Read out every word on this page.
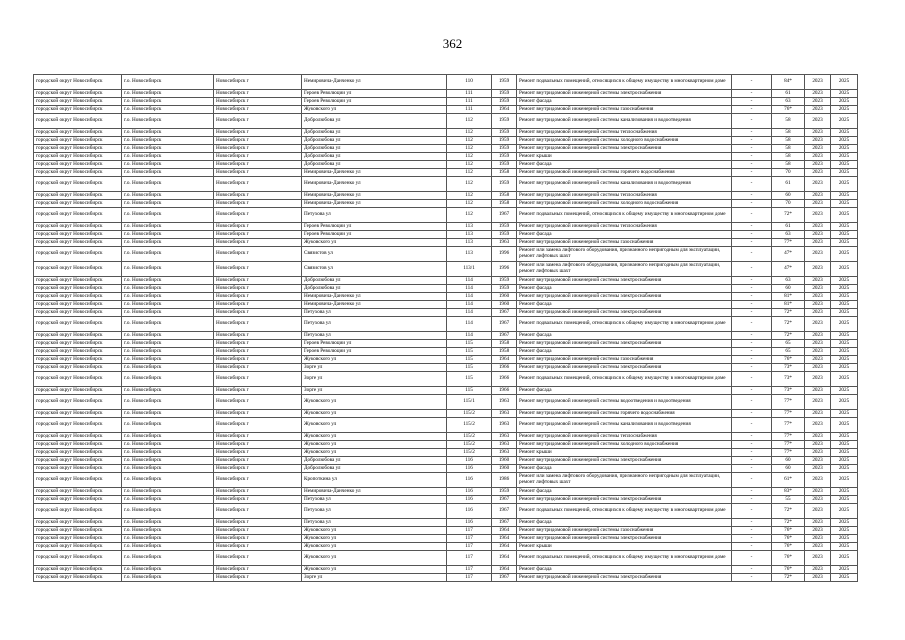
362
городской округ Новосибирск	г.о. Новосибирск	Новосибирск г	Немировича-Данченко ул	110	1959	Ремонт подвальных помещений, относящихся к общему имуществу в многоквартирном доме	-	84*	2023	2025
городской округ Новосибирск	г.о. Новосибирск	Новосибирск г	Героев Революции ул	111	1959	Ремонт внутридомовой инженерной системы электроснабжения	-	61	2023	2025
городской округ Новосибирск	г.о. Новосибирск	Новосибирск г	Героев Революции ул	111	1959	Ремонт фасада	-	63	2023	2025
городской округ Новосибирск	г.о. Новосибирск	Новосибирск г	Жуковского ул	111	1964	Ремонт внутридомовой инженерной системы газоснабжения	-	76*	2023	2025
городской округ Новосибирск	г.о. Новосибирск	Новосибирск г	Добролюбова ул	112	1959	Ремонт внутридомовой инженерной системы канализования и водоотведения	-	58	2023	2025
городской округ Новосибирск	г.о. Новосибирск	Новосибирск г	Добролюбова ул	112	1959	Ремонт внутридомовой инженерной системы теплоснабжения	-	58	2023	2025
городской округ Новосибирск	г.о. Новосибирск	Новосибирск г	Добролюбова ул	112	1959	Ремонт внутридомовой инженерной системы холодного водоснабжения	-	58	2023	2025
городской округ Новосибирск	г.о. Новосибирск	Новосибирск г	Добролюбова ул	112	1959	Ремонт внутридомовой инженерной системы электроснабжения	-	58	2023	2025
городской округ Новосибирск	г.о. Новосибирск	Новосибирск г	Добролюбова ул	112	1959	Ремонт крыши	-	58	2023	2025
городской округ Новосибирск	г.о. Новосибирск	Новосибирск г	Добролюбова ул	112	1959	Ремонт фасада	-	58	2023	2025
городской округ Новосибирск	г.о. Новосибирск	Новосибирск г	Немировича-Данченко ул	112	1958	Ремонт внутридомовой инженерной системы горячего водоснабжения	-	70	2023	2025
городской округ Новосибирск	г.о. Новосибирск	Новосибирск г	Немировича-Данченко ул	112	1959	Ремонт внутридомовой инженерной системы канализования и водоотведения	-	61	2023	2025
городской округ Новосибирск	г.о. Новосибирск	Новосибирск г	Немировича-Данченко ул	112	1958	Ремонт внутридомовой инженерной системы теплоснабжения	-	60	2023	2025
городской округ Новосибирск	г.о. Новосибирск	Новосибирск г	Немировича-Данченко ул	112	1958	Ремонт внутридомовой инженерной системы холодного водоснабжения	-	70	2023	2025
городской округ Новосибирск	г.о. Новосибирск	Новосибирск г	Петухова ул	112	1967	Ремонт подвальных помещений, относящихся к общему имуществу в многоквартирном доме	-	72*	2023	2025
городской округ Новосибирск	г.о. Новосибирск	Новосибирск г	Героев Революции ул	113	1959	Ремонт внутридомовой инженерной системы теплоснабжения	-	61	2023	2025
городской округ Новосибирск	г.о. Новосибирск	Новосибирск г	Героев Революции ул	113	1959	Ремонт фасада	-	63	2023	2025
городской округ Новосибирск	г.о. Новосибирск	Новосибирск г	Жуковского ул	113	1963	Ремонт внутридомовой инженерной системы газоснабжения	-	77*	2023	2025
городской округ Новосибирск	г.о. Новосибирск	Новосибирск г	Связистов ул	113	1996	Ремонт или замена лифтового оборудования, признанного непригодным для эксплуатации, ремонт лифтовых шахт	-	47*	2023	2025
городской округ Новосибирск	г.о. Новосибирск	Новосибирск г	Связистов ул	113/1	1996	Ремонт или замена лифтового оборудования, признанного непригодным для эксплуатации, ремонт лифтовых шахт	-	47*	2023	2025
городской округ Новосибирск	г.о. Новосибирск	Новосибирск г	Добролюбова ул	114	1959	Ремонт внутридомовой инженерной системы электроснабжения	-	63	2023	2025
городской округ Новосибирск	г.о. Новосибирск	Новосибирск г	Добролюбова ул	114	1959	Ремонт фасада	-	60	2023	2025
городской округ Новосибирск	г.о. Новосибирск	Новосибирск г	Немировича-Данченко ул	114	1960	Ремонт внутридомовой инженерной системы электроснабжения	-	81*	2023	2025
городской округ Новосибирск	г.о. Новосибирск	Новосибирск г	Немировича-Данченко ул	114	1960	Ремонт фасада	-	81*	2023	2025
городской округ Новосибирск	г.о. Новосибирск	Новосибирск г	Петухова ул	114	1967	Ремонт внутридомовой инженерной системы электроснабжения	-	72*	2023	2025
городской округ Новосибирск	г.о. Новосибирск	Новосибирск г	Петухова ул	114	1967	Ремонт подвальных помещений, относящихся к общему имуществу в многоквартирном доме	-	72*	2023	2025
городской округ Новосибирск	г.о. Новосибирск	Новосибирск г	Петухова ул	114	1967	Ремонт фасада	-	72*	2023	2025
городской округ Новосибирск	г.о. Новосибирск	Новосибирск г	Героев Революции ул	115	1958	Ремонт внутридомовой инженерной системы электроснабжения	-	65	2023	2025
городской округ Новосибирск	г.о. Новосибирск	Новосибирск г	Героев Революции ул	115	1958	Ремонт фасада	-	65	2023	2025
городской округ Новосибирск	г.о. Новосибирск	Новосибирск г	Жуковского ул	115	1964	Ремонт внутридомовой инженерной системы газоснабжения	-	76*	2023	2025
городской округ Новосибирск	г.о. Новосибирск	Новосибирск г	Зорге ул	115	1966	Ремонт внутридомовой инженерной системы электроснабжения	-	73*	2023	2025
городской округ Новосибирск	г.о. Новосибирск	Новосибирск г	Зорге ул	115	1966	Ремонт подвальных помещений, относящихся к общему имуществу в многоквартирном доме	-	73*	2023	2025
городской округ Новосибирск	г.о. Новосибирск	Новосибирск г	Зорге ул	115	1966	Ремонт фасада	-	73*	2023	2025
городской округ Новосибирск	г.о. Новосибирск	Новосибирск г	Жуковского ул	115/1	1963	Ремонт внутридомовой инженерной системы водоотведения и водоотведения	-	77*	2023	2025
городской округ Новосибирск	г.о. Новосибирск	Новосибирск г	Жуковского ул	115/2	1963	Ремонт внутридомовой инженерной системы горячего водоснабжения	-	77*	2023	2025
городской округ Новосибирск	г.о. Новосибирск	Новосибирск г	Жуковского ул	115/2	1963	Ремонт внутридомовой инженерной системы канализования и водоотведения	-	77*	2023	2025
городской округ Новосибирск	г.о. Новосибирск	Новосибирск г	Жуковского ул	115/2	1963	Ремонт внутридомовой инженерной системы теплоснабжения	-	77*	2023	2025
городской округ Новосибирск	г.о. Новосибирск	Новосибирск г	Жуковского ул	115/2	1963	Ремонт внутридомовой инженерной системы холодного водоснабжения	-	77*	2023	2025
городской округ Новосибирск	г.о. Новосибирск	Новосибирск г	Жуковского ул	115/2	1963	Ремонт крыши	-	77*	2023	2025
городской округ Новосибирск	г.о. Новосибирск	Новосибирск г	Добролюбова ул	116	1960	Ремонт внутридомовой инженерной системы электроснабжения	-	60	2023	2025
городской округ Новосибирск	г.о. Новосибирск	Новосибирск г	Добролюбова ул	116	1960	Ремонт фасада	-	60	2023	2025
городской округ Новосибирск	г.о. Новосибирск	Новосибирск г	Кропоткина ул	116	1986	Ремонт или замена лифтового оборудования, признанного непригодным для эксплуатации, ремонт лифтовых шахт	-	61*	2023	2025
городской округ Новосибирск	г.о. Новосибирск	Новосибирск г	Немировича-Данченко ул	116	1959	Ремонт фасада	-	83*	2023	2025
городской округ Новосибирск	г.о. Новосибирск	Новосибирск г	Петухова ул	116	1967	Ремонт внутридомовой инженерной системы электроснабжения	-	55	2023	2025
городской округ Новосибирск	г.о. Новосибирск	Новосибирск г	Петухова ул	116	1967	Ремонт подвальных помещений, относящихся к общему имуществу в многоквартирном доме	-	72*	2023	2025
городской округ Новосибирск	г.о. Новосибирск	Новосибирск г	Петухова ул	116	1967	Ремонт фасада	-	72*	2023	2025
городской округ Новосибирск	г.о. Новосибирск	Новосибирск г	Жуковского ул	117	1964	Ремонт внутридомовой инженерной системы газоснабжения	-	76*	2023	2025
городской округ Новосибирск	г.о. Новосибирск	Новосибирск г	Жуковского ул	117	1964	Ремонт внутридомовой инженерной системы электроснабжения	-	76*	2023	2025
городской округ Новосибирск	г.о. Новосибирск	Новосибирск г	Жуковского ул	117	1964	Ремонт крыши	-	76*	2023	2025
городской округ Новосибирск	г.о. Новосибирск	Новосибирск г	Жуковского ул	117	1964	Ремонт подвальных помещений, относящихся к общему имуществу в многоквартирном доме	-	76*	2023	2025
городской округ Новосибирск	г.о. Новосибирск	Новосибирск г	Жуковского ул	117	1964	Ремонт фасада	-	76*	2023	2025
городской округ Новосибирск	г.о. Новосибирск	Новосибирск г	Зорге ул	117	1967	Ремонт внутридомовой инженерной системы электроснабжения	-	72*	2023	2025
